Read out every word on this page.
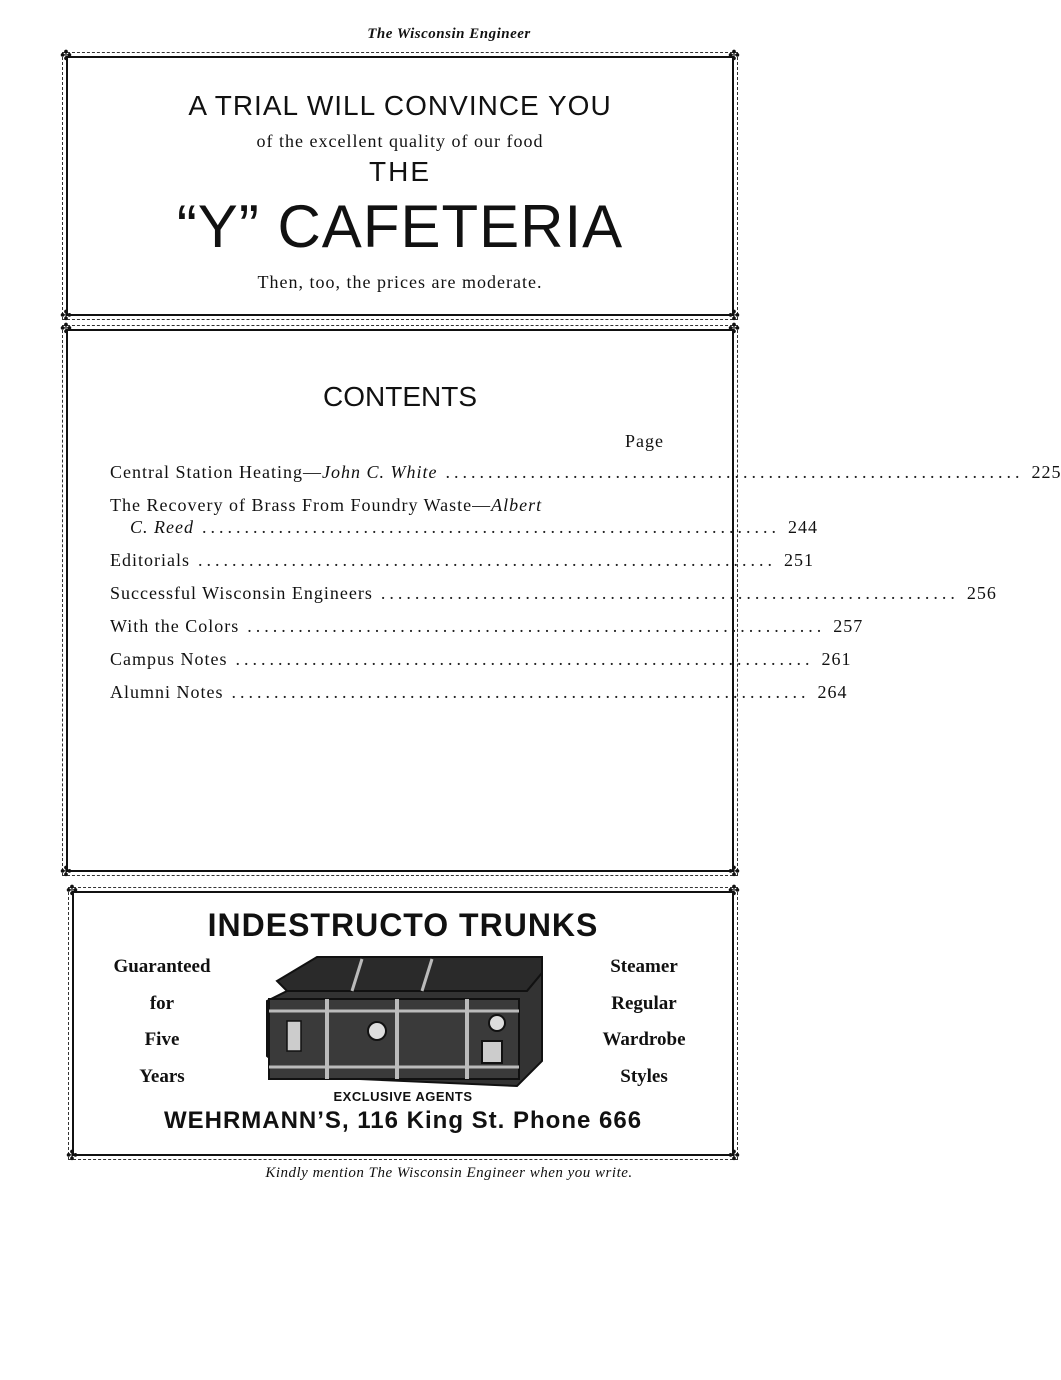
The Wisconsin Engineer
✤	✤
✤	✤
A TRIAL WILL CONVINCE YOU
of the excellent quality of our food
THE
“Y” CAFETERIA
Then, too, the prices are moderate.
✤	✤
✤	✤
CONTENTS
Page
Central Station Heating—John C. White .................................................................... 225
The Recovery of Brass From Foundry Waste—Albert
C. Reed .................................................................... 244
Editorials .................................................................... 251
Successful Wisconsin Engineers .................................................................... 256
With the Colors .................................................................... 257
Campus Notes .................................................................... 261
Alumni Notes .................................................................... 264
✤	✤
✤	✤
INDESTRUCTO TRUNKS
Guaranteed
for
Five
Years
Steamer
Regular
Wardrobe
Styles
EXCLUSIVE AGENTS
WEHRMANN’S, 116 King St. Phone 666
Kindly mention The Wisconsin Engineer when you write.
